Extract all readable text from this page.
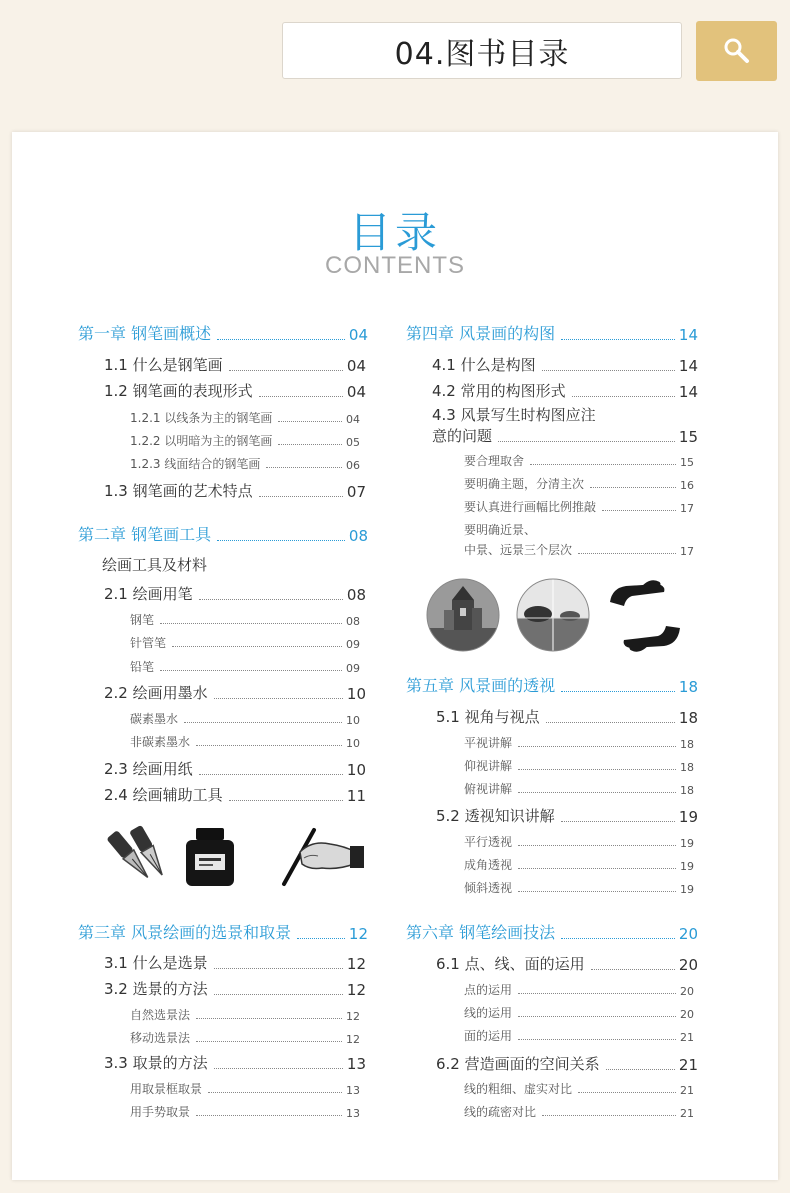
04.图书目录
目录
CONTENTS
第一章 钢笔画概述	04
1.1 什么是钢笔画	04
1.2 钢笔画的表现形式	04
1.2.1 以线条为主的钢笔画	04
1.2.2 以明暗为主的钢笔画	05
1.2.3 线面结合的钢笔画	06
1.3 钢笔画的艺术特点	07
第二章 钢笔画工具	08
绘画工具及材料
2.1 绘画用笔	08
钢笔	08
针管笔	09
铅笔	09
2.2 绘画用墨水	10
碳素墨水	10
非碳素墨水	10
2.3 绘画用纸	10
2.4 绘画辅助工具	11
第三章 风景绘画的选景和取景	12
3.1 什么是选景	12
3.2 选景的方法	12
自然选景法	12
移动选景法	12
3.3 取景的方法	13
用取景框取景	13
用手势取景	13
第四章 风景画的构图	14
4.1 什么是构图	14
4.2 常用的构图形式	14
4.3 风景写生时构图应注
意的问题	15
要合理取舍	15
要明确主题，分清主次	16
要认真进行画幅比例推敲	17
要明确近景、
中景、远景三个层次	17
第五章 风景画的透视	18
5.1 视角与视点	18
平视讲解	18
仰视讲解	18
俯视讲解	18
5.2 透视知识讲解	19
平行透视	19
成角透视	19
倾斜透视	19
第六章 钢笔绘画技法	20
6.1 点、线、面的运用	20
点的运用	20
线的运用	20
面的运用	21
6.2 营造画面的空间关系	21
线的粗细、虚实对比	21
线的疏密对比	21
